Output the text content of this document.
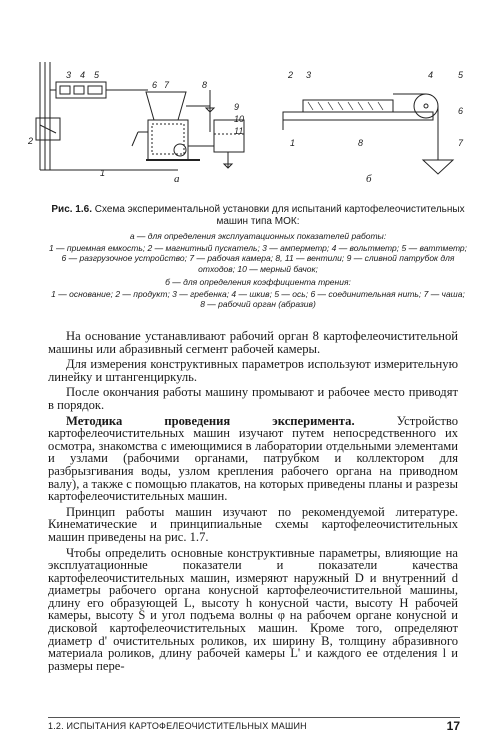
3 4 5
2
1
6 7	8
9
10
11
а
2 3	4	5
6
7
1	8
б

Рис. 1.6. Схема экспериментальной установки для испытаний картофелеочистительных машин типа МОК:

а — для определения эксплуатационных показателей работы:

1 — приемная емкость; 2 — магнитный пускатель; 3 — амперметр; 4 — вольтметр; 5 — ваттметр; 6 — разгрузочное устройство; 7 — рабочая камера; 8, 11 — вентили; 9 — сливной патрубок для отходов; 10 — мерный бачок;

б — для определения коэффициента трения:

1 — основание; 2 — продукт; 3 — гребенка; 4 — шкив; 5 — ось; 6 — соединительная нить; 7 — чаша; 8 — рабочий орган (абразив)

На основание устанавливают рабочий орган 8 картофелеочистительной машины или абразивный сегмент рабочей камеры.

Для измерения конструктивных параметров используют измерительную линейку и штангенциркуль.

После окончания работы машину промывают и рабочее место приводят в порядок.

Методика проведения эксперимента. Устройство картофелеочистительных машин изучают путем непосредственного их осмотра, знакомства с имеющимися в лаборатории отдельными элементами и узлами (рабочими органами, патрубком и коллектором для разбрызгивания воды, узлом крепления рабочего органа на приводном валу), а также с помощью плакатов, на которых приведены планы и разрезы картофелеочистительных машин.

Принцип работы машин изучают по рекомендуемой литературе. Кинематические и принципиальные схемы картофелеочистительных машин приведены на рис. 1.7.

Чтобы определить основные конструктивные параметры, влияющие на эксплуатационные показатели и показатели качества картофелеочистительных машин, измеряют наружный D и внутренний d диаметры рабочего органа конусной картофелеочистительной машины, длину его образующей L, высоту h конусной части, высоту H рабочей камеры, высоту S и угол подъема волны φ на рабочем органе конусной и дисковой картофелеочистительных машин. Кроме того, определяют диаметр d' очистительных роликов, их ширину B, толщину абразивного материала роликов, длину рабочей камеры L' и каждого ее отделения l и размеры пере-

1.2. ИСПЫТАНИЯ КАРТОФЕЛЕОЧИСТИТЕЛЬНЫХ МАШИН	17
